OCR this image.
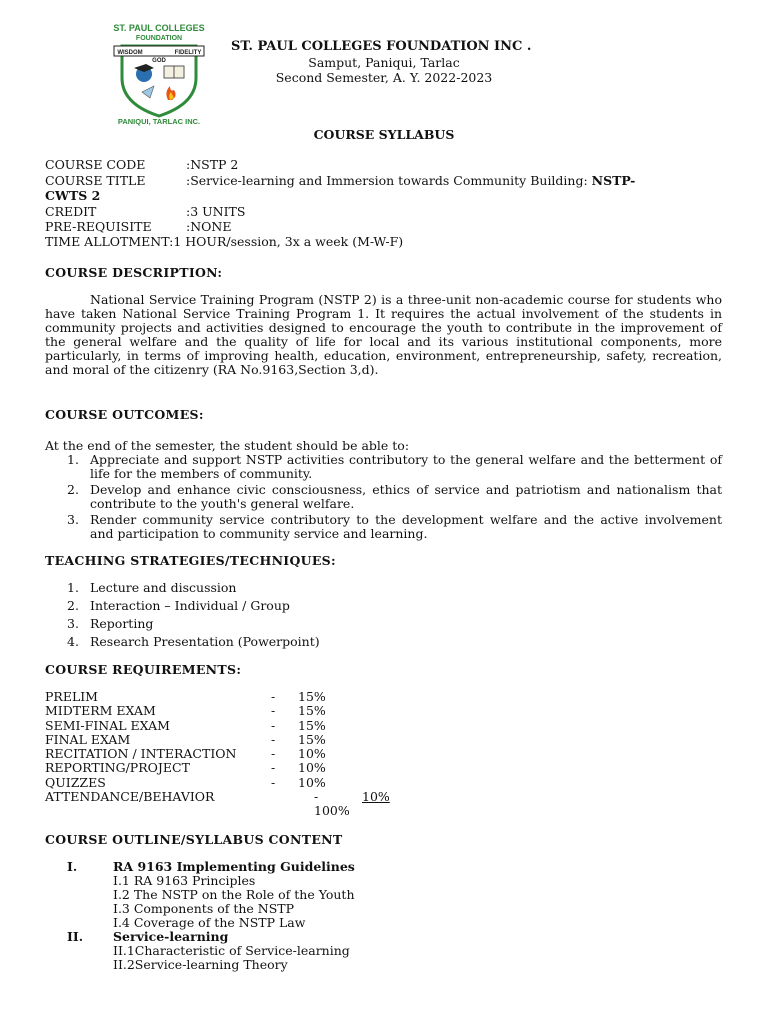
ST. PAUL COLLEGES
FOUNDATION
WISDOM
GOD
FIDELITY
PANIQUI, TARLAC INC.
ST. PAUL COLLEGES FOUNDATION INC .
Samput, Paniqui, Tarlac
Second Semester, A. Y. 2022-2023
COURSE SYLLABUS
COURSE CODE	:NSTP 2
COURSE TITLE	:Service-learning and Immersion towards Community Building: NSTP-
CWTS 2
CREDIT	:3 UNITS
PRE-REQUISITE	:NONE
TIME ALLOTMENT:1 HOUR/session, 3x a week (M-W-F)
COURSE DESCRIPTION:

National Service Training Program (NSTP 2) is a three-unit non-academic course for students who have taken National Service Training Program 1. It requires the actual involvement of the students in community projects and activities designed to encourage the youth to contribute in the improvement of the general welfare and the quality of life for local and its various institutional components, more particularly, in terms of improving health, education, environment, entrepreneurship, safety, recreation, and moral of the citizenry (RA No.9163,Section 3,d).

COURSE OUTCOMES:
At the end of the semester, the student should be able to:
1. Appreciate and support NSTP activities contributory to the general welfare and the betterment of life for the members of community.
2. Develop and enhance civic consciousness, ethics of service and patriotism and nationalism that contribute to the youth's general welfare.
3. Render community service contributory to the development welfare and the active involvement and participation to community service and learning.
TEACHING STRATEGIES/TECHNIQUES:
1. Lecture and discussion
2. Interaction – Individual / Group
3. Reporting
4. Research Presentation (Powerpoint)
COURSE REQUIREMENTS:
PRELIM	- 15%
MIDTERM EXAM	- 15%
SEMI-FINAL EXAM	- 15%
FINAL EXAM	- 15%
RECITATION / INTERACTION	- 10%
REPORTING/PROJECT	- 10%
QUIZZES	- 10%
ATTENDANCE/BEHAVIOR	-	10%
100%
COURSE OUTLINE/SYLLABUS CONTENT
I.	RA 9163 Implementing Guidelines
I.1 RA 9163 Principles
I.2 The NSTP on the Role of the Youth
I.3 Components of the NSTP
I.4 Coverage of the NSTP Law
II. Service-learning
II.1Characteristic of Service-learning
II.2Service-learning Theory
